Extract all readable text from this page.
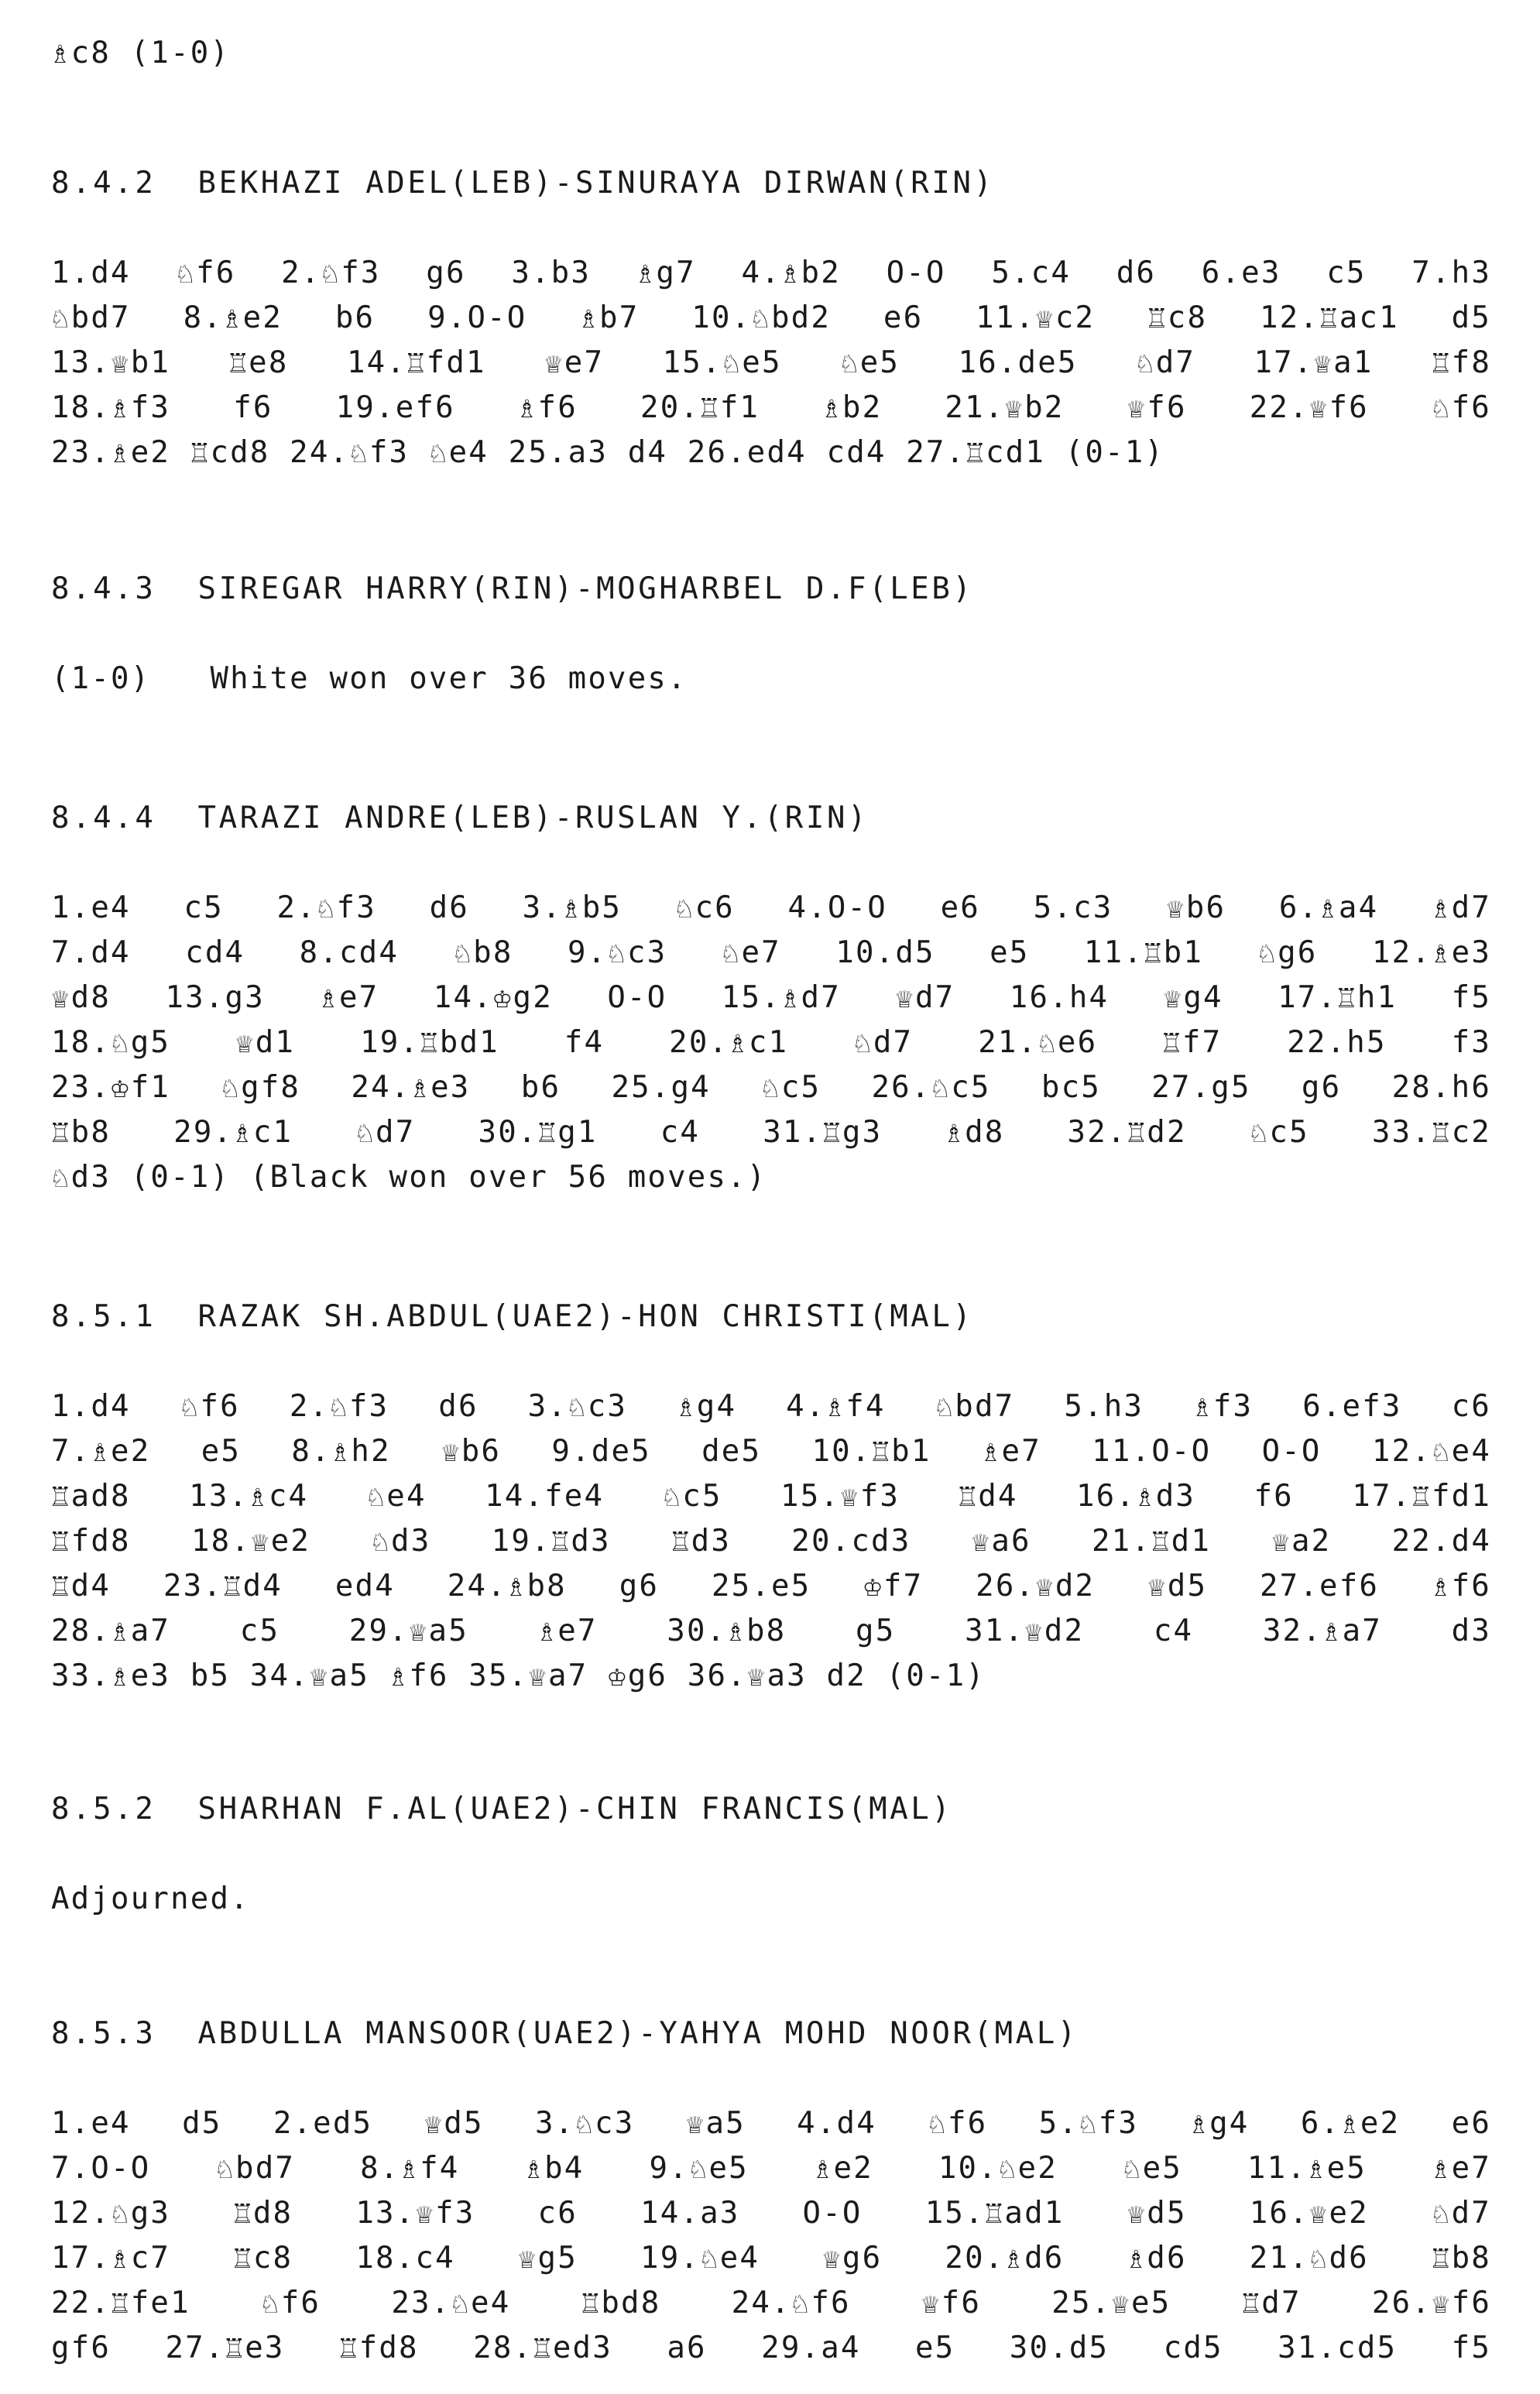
♗c8 (1-0)
8.4.2  BEKHAZI ADEL(LEB)-SINURAYA DIRWAN(RIN)
1.d4 ♘f6 2.♘f3 g6 3.b3 ♗g7 4.♗b2 O-O 5.c4 d6 6.e3 c5 7.h3
♘bd7 8.♗e2 b6 9.O-O ♗b7 10.♘bd2 e6 11.♕c2 ♖c8 12.♖ac1 d5
13.♕b1 ♖e8 14.♖fd1 ♕e7 15.♘e5 ♘e5 16.de5 ♘d7 17.♕a1 ♖f8
18.♗f3 f6 19.ef6 ♗f6 20.♖f1 ♗b2 21.♕b2 ♕f6 22.♕f6 ♘f6
23.♗e2 ♖cd8 24.♘f3 ♘e4 25.a3 d4 26.ed4 cd4 27.♖cd1 (0-1)
8.4.3  SIREGAR HARRY(RIN)-MOGHARBEL D.F(LEB)
(1-0)   White won over 36 moves.
8.4.4  TARAZI ANDRE(LEB)-RUSLAN Y.(RIN)
1.e4 c5 2.♘f3 d6 3.♗b5 ♘c6 4.O-O e6 5.c3 ♕b6 6.♗a4 ♗d7
7.d4 cd4 8.cd4 ♘b8 9.♘c3 ♘e7 10.d5 e5 11.♖b1 ♘g6 12.♗e3
♕d8 13.g3 ♗e7 14.♔g2 O-O 15.♗d7 ♕d7 16.h4 ♕g4 17.♖h1 f5
18.♘g5 ♕d1 19.♖bd1 f4 20.♗c1 ♘d7 21.♘e6 ♖f7 22.h5 f3
23.♔f1 ♘gf8 24.♗e3 b6 25.g4 ♘c5 26.♘c5 bc5 27.g5 g6 28.h6
♖b8 29.♗c1 ♘d7 30.♖g1 c4 31.♖g3 ♗d8 32.♖d2 ♘c5 33.♖c2
♘d3 (0-1) (Black won over 56 moves.)
8.5.1  RAZAK SH.ABDUL(UAE2)-HON CHRISTI(MAL)
1.d4 ♘f6 2.♘f3 d6 3.♘c3 ♗g4 4.♗f4 ♘bd7 5.h3 ♗f3 6.ef3 c6
7.♗e2 e5 8.♗h2 ♕b6 9.de5 de5 10.♖b1 ♗e7 11.O-O O-O 12.♘e4
♖ad8 13.♗c4 ♘e4 14.fe4 ♘c5 15.♕f3 ♖d4 16.♗d3 f6 17.♖fd1
♖fd8 18.♕e2 ♘d3 19.♖d3 ♖d3 20.cd3 ♕a6 21.♖d1 ♕a2 22.d4
♖d4 23.♖d4 ed4 24.♗b8 g6 25.e5 ♔f7 26.♕d2 ♕d5 27.ef6 ♗f6
28.♗a7 c5 29.♕a5 ♗e7 30.♗b8 g5 31.♕d2 c4 32.♗a7 d3
33.♗e3 b5 34.♕a5 ♗f6 35.♕a7 ♔g6 36.♕a3 d2 (0-1)
8.5.2  SHARHAN F.AL(UAE2)-CHIN FRANCIS(MAL)
Adjourned.
8.5.3  ABDULLA MANSOOR(UAE2)-YAHYA MOHD NOOR(MAL)
1.e4 d5 2.ed5 ♕d5 3.♘c3 ♕a5 4.d4 ♘f6 5.♘f3 ♗g4 6.♗e2 e6
7.O-O ♘bd7 8.♗f4 ♗b4 9.♘e5 ♗e2 10.♘e2 ♘e5 11.♗e5 ♗e7
12.♘g3 ♖d8 13.♕f3 c6 14.a3 O-O 15.♖ad1 ♕d5 16.♕e2 ♘d7
17.♗c7 ♖c8 18.c4 ♕g5 19.♘e4 ♕g6 20.♗d6 ♗d6 21.♘d6 ♖b8
22.♖fe1 ♘f6 23.♘e4 ♖bd8 24.♘f6 ♕f6 25.♕e5 ♖d7 26.♕f6
gf6 27.♖e3 ♖fd8 28.♖ed3 a6 29.a4 e5 30.d5 cd5 31.cd5 f5
